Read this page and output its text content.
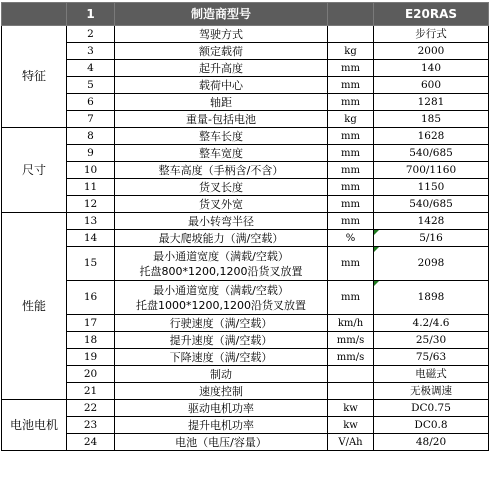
	1	制造商型号		E20RAS
特征	2	驾驶方式		步行式
	3	额定载荷	kg	2000
	4	起升高度	mm	140
	5	载荷中心	mm	600
	6	轴距	mm	1281
	7	重量-包括电池	kg	185
尺寸	8	整车长度	mm	1628
	9	整车宽度	mm	540/685
	10	整车高度（手柄含/不含）	mm	700/1160
	11	货叉长度	mm	1150
	12	货叉外宽	mm	540/685
性能	13	最小转弯半径	mm	1428
	14	最大爬坡能力（满/空载）	%	5/16
	15	最小通道宽度（满载/空载）
托盘800*1200,1200沿货叉放置	mm	2098
	16	最小通道宽度（满载/空载）
托盘1000*1200,1200沿货叉放置	mm	1898
	17	行驶速度（满/空载）	km/h	4.2/4.6
	18	提升速度（满/空载）	mm/s	25/30
	19	下降速度（满/空载）	mm/s	75/63
	20	制动		电磁式
	21	速度控制		无极调速
电池电机	22	驱动电机功率	kw	DC0.75
	23	提升电机功率	kw	DC0.8
	24	电池（电压/容量）	V/Ah	48/20
